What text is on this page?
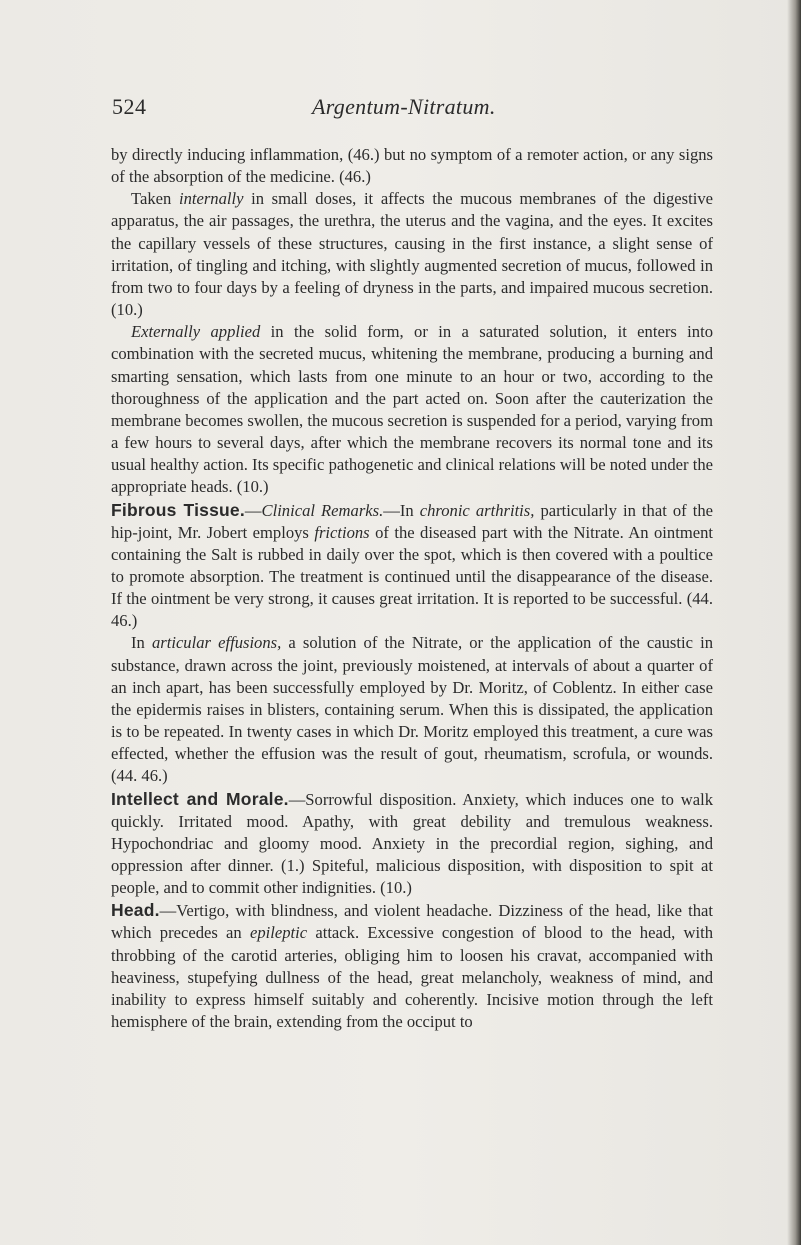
524	Argentum-Nitratum.

by directly inducing inflammation, (46.) but no symptom of a remoter action, or any signs of the absorption of the medicine. (46.)

Taken internally in small doses, it affects the mucous membranes of the digestive apparatus, the air passages, the urethra, the uterus and the vagina, and the eyes. It excites the capillary vessels of these structures, causing in the first instance, a slight sense of irritation, of tingling and itching, with slightly augmented secretion of mucus, followed in from two to four days by a feeling of dryness in the parts, and impaired mucous secretion. (10.)

Externally applied in the solid form, or in a saturated solution, it enters into combination with the secreted mucus, whitening the membrane, producing a burning and smarting sensation, which lasts from one minute to an hour or two, according to the thoroughness of the application and the part acted on. Soon after the cauterization the membrane becomes swollen, the mucous secretion is suspended for a period, varying from a few hours to several days, after which the membrane recovers its normal tone and its usual healthy action. Its specific pathogenetic and clinical relations will be noted under the appropriate heads. (10.)

Fibrous Tissue.—Clinical Remarks.—In chronic arthritis, particularly in that of the hip-joint, Mr. Jobert employs frictions of the diseased part with the Nitrate. An ointment containing the Salt is rubbed in daily over the spot, which is then covered with a poultice to promote absorption. The treatment is continued until the disappearance of the disease. If the ointment be very strong, it causes great irritation. It is reported to be successful. (44. 46.)

In articular effusions, a solution of the Nitrate, or the application of the caustic in substance, drawn across the joint, previously moistened, at intervals of about a quarter of an inch apart, has been successfully employed by Dr. Moritz, of Coblentz. In either case the epidermis raises in blisters, containing serum. When this is dissipated, the application is to be repeated. In twenty cases in which Dr. Moritz employed this treatment, a cure was effected, whether the effusion was the result of gout, rheumatism, scrofula, or wounds. (44. 46.)

Intellect and Morale.—Sorrowful disposition. Anxiety, which induces one to walk quickly. Irritated mood. Apathy, with great debility and tremulous weakness. Hypochondriac and gloomy mood. Anxiety in the precordial region, sighing, and oppression after dinner. (1.) Spiteful, malicious disposition, with disposition to spit at people, and to commit other indignities. (10.)

Head.—Vertigo, with blindness, and violent headache. Dizziness of the head, like that which precedes an epileptic attack. Excessive congestion of blood to the head, with throbbing of the carotid arteries, obliging him to loosen his cravat, accompanied with heaviness, stupefying dullness of the head, great melancholy, weakness of mind, and inability to express himself suitably and coherently. Incisive motion through the left hemisphere of the brain, extending from the occiput to
